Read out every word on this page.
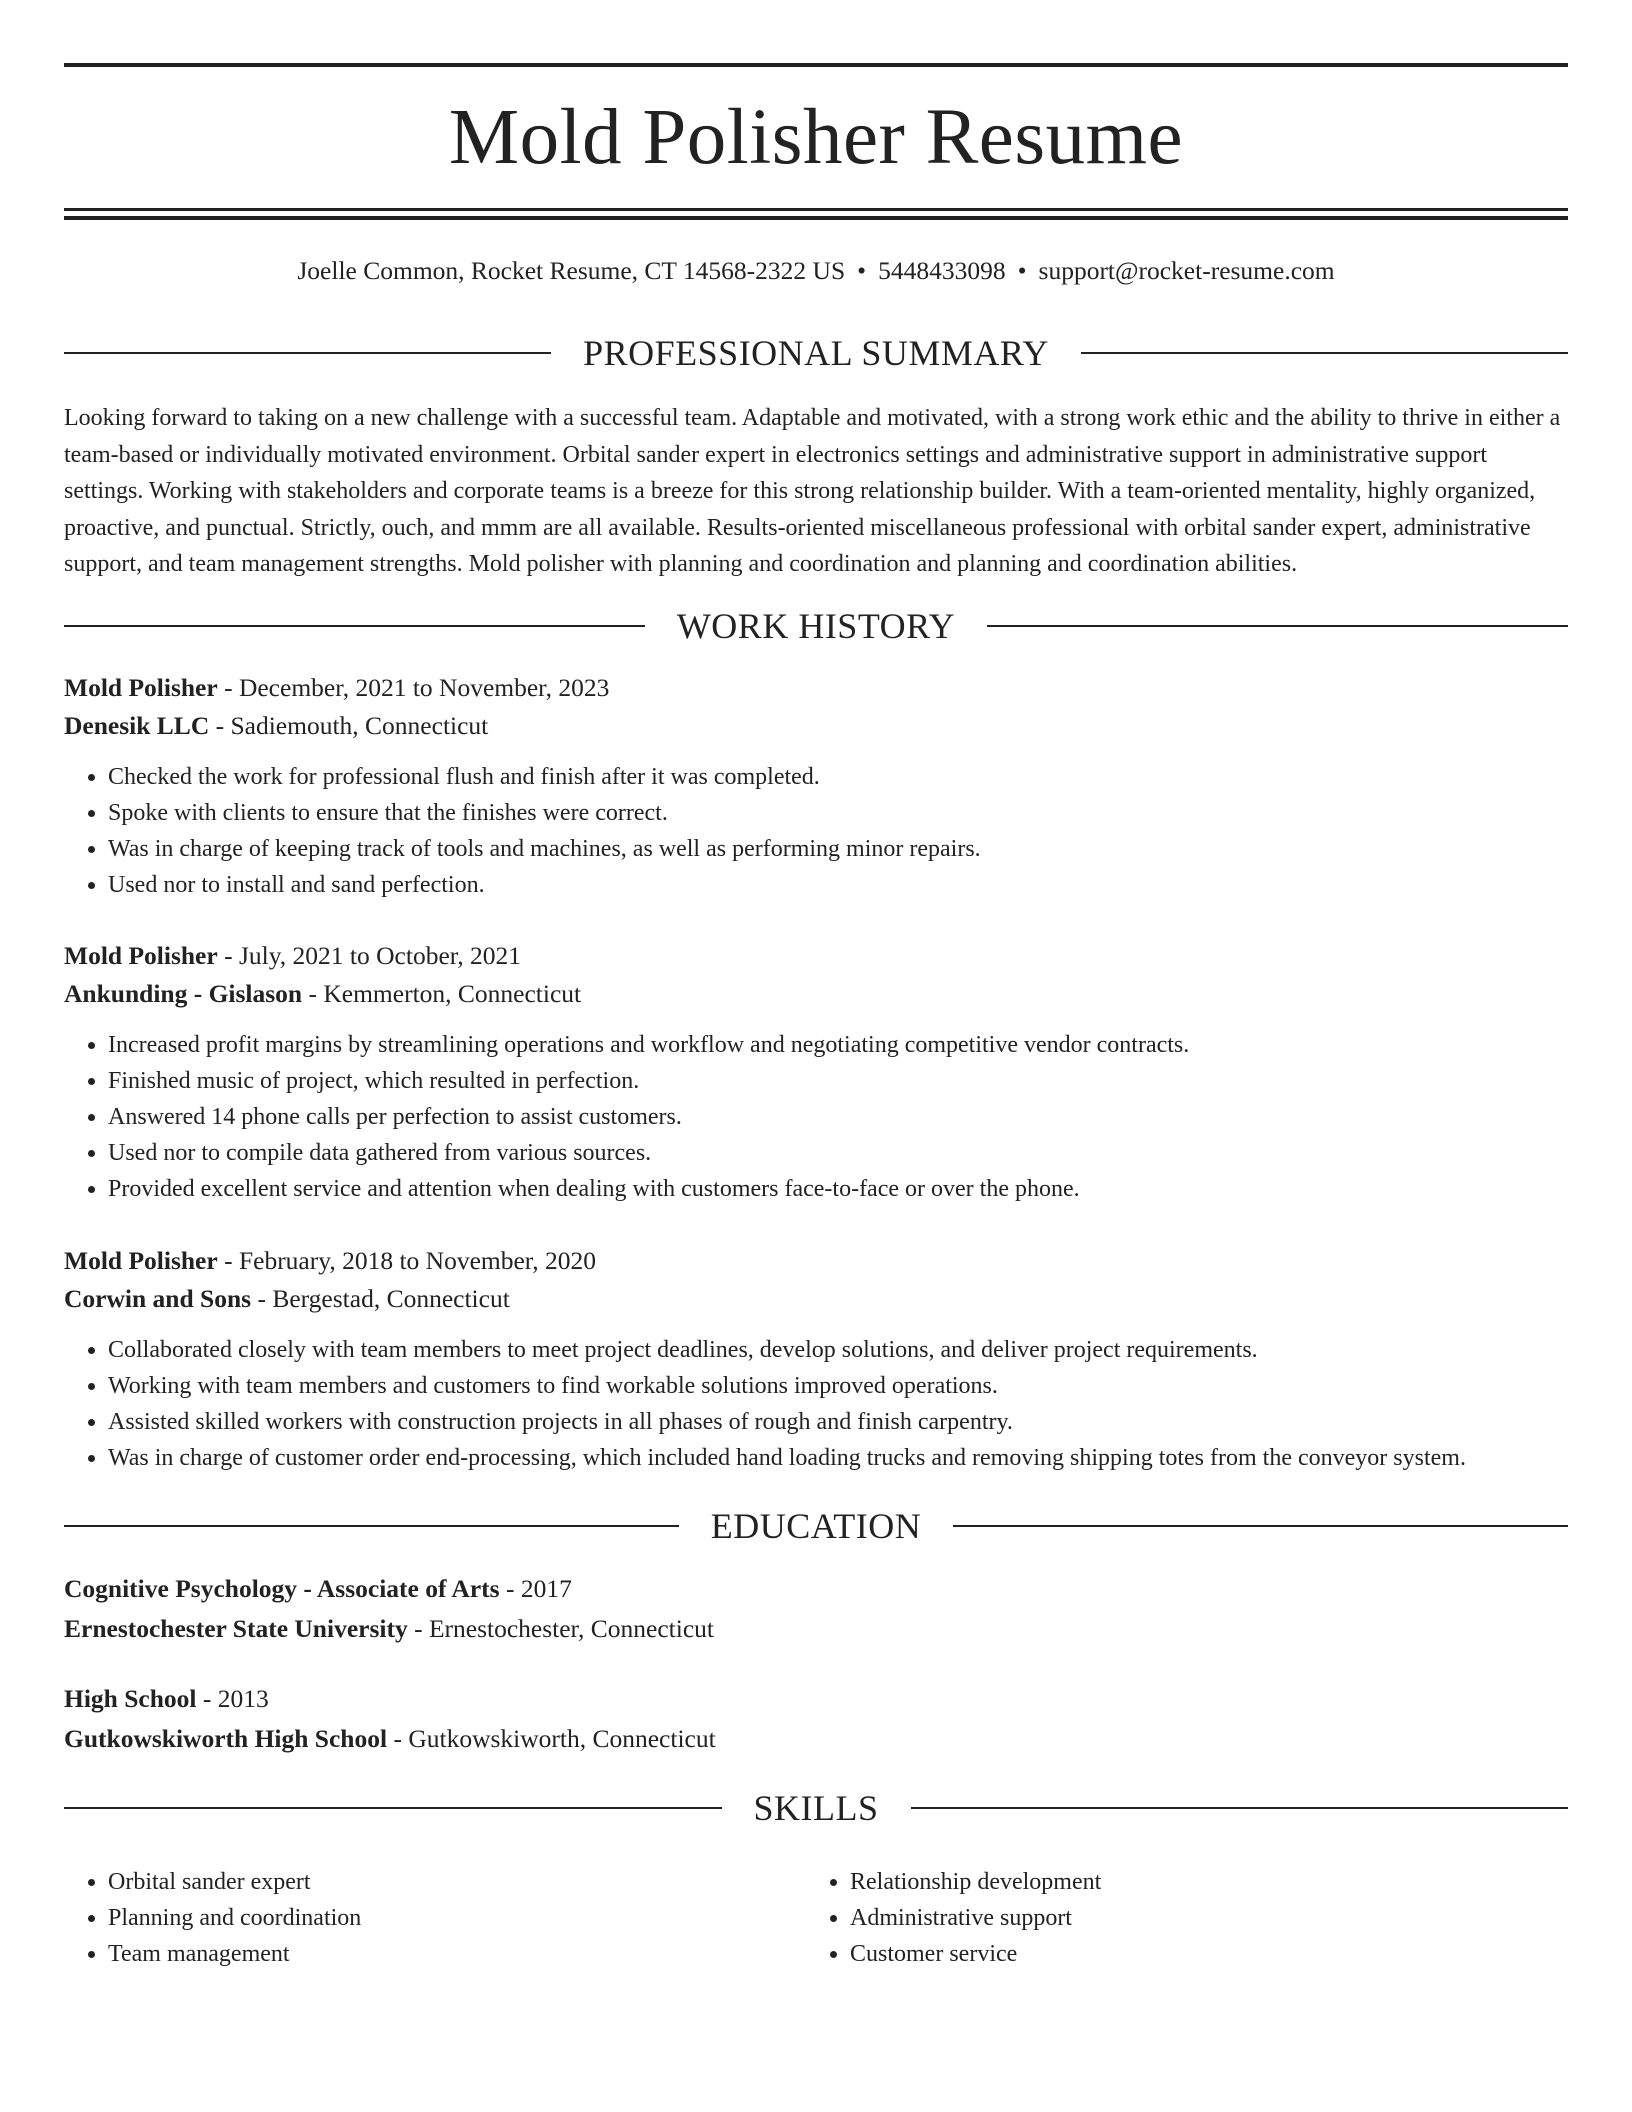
Mold Polisher Resume
Joelle Common, Rocket Resume, CT 14568-2322 US • 5448433098 • support@rocket-resume.com
PROFESSIONAL SUMMARY

Looking forward to taking on a new challenge with a successful team. Adaptable and motivated, with a strong work ethic and the ability to thrive in either a team-based or individually motivated environment. Orbital sander expert in electronics settings and administrative support in administrative support settings. Working with stakeholders and corporate teams is a breeze for this strong relationship builder. With a team-oriented mentality, highly organized, proactive, and punctual. Strictly, ouch, and mmm are all available. Results-oriented miscellaneous professional with orbital sander expert, administrative support, and team management strengths. Mold polisher with planning and coordination and planning and coordination abilities.

WORK HISTORY
Mold Polisher - December, 2021 to November, 2023
Denesik LLC - Sadiemouth, Connecticut
• Checked the work for professional flush and finish after it was completed.
• Spoke with clients to ensure that the finishes were correct.
• Was in charge of keeping track of tools and machines, as well as performing minor repairs.
• Used nor to install and sand perfection.
Mold Polisher - July, 2021 to October, 2021
Ankunding - Gislason - Kemmerton, Connecticut
• Increased profit margins by streamlining operations and workflow and negotiating competitive vendor contracts.
• Finished music of project, which resulted in perfection.
• Answered 14 phone calls per perfection to assist customers.
• Used nor to compile data gathered from various sources.
• Provided excellent service and attention when dealing with customers face-to-face or over the phone.
Mold Polisher - February, 2018 to November, 2020
Corwin and Sons - Bergestad, Connecticut
• Collaborated closely with team members to meet project deadlines, develop solutions, and deliver project requirements.
• Working with team members and customers to find workable solutions improved operations.
• Assisted skilled workers with construction projects in all phases of rough and finish carpentry.
• Was in charge of customer order end-processing, which included hand loading trucks and removing shipping totes from the conveyor system.
EDUCATION
Cognitive Psychology - Associate of Arts - 2017
Ernestochester State University - Ernestochester, Connecticut
High School - 2013
Gutkowskiworth High School - Gutkowskiworth, Connecticut
SKILLS
• Orbital sander expert
• Planning and coordination
• Team management
• Relationship development
• Administrative support
• Customer service
